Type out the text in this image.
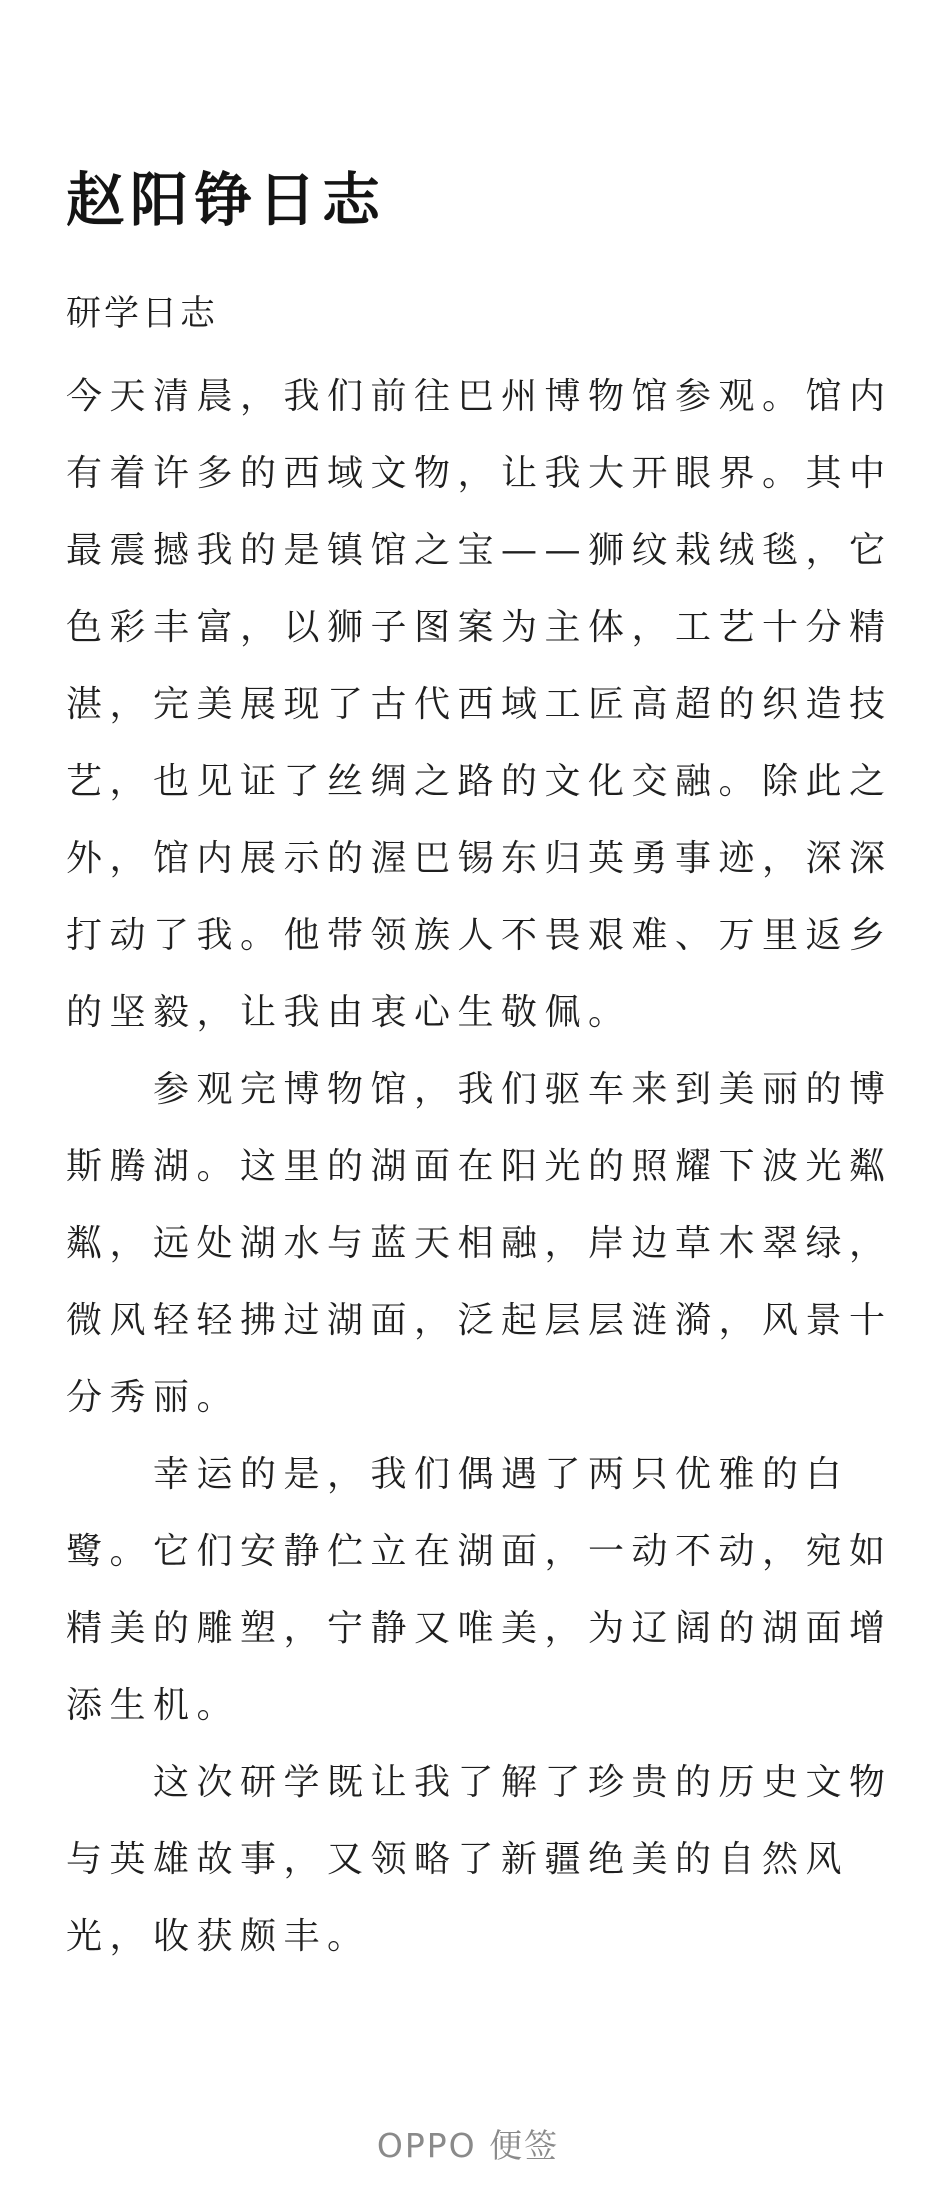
赵阳铮日志
研学日志
今天清晨，我们前往巴州博物馆参观。馆内
有着许多的西域文物，让我大开眼界。其中
最震撼我的是镇馆之宝——狮纹栽绒毯，它
色彩丰富，以狮子图案为主体，工艺十分精
湛，完美展现了古代西域工匠高超的织造技
艺，也见证了丝绸之路的文化交融。除此之
外，馆内展示的渥巴锡东归英勇事迹，深深
打动了我。他带领族人不畏艰难、万里返乡
的坚毅，让我由衷心生敬佩。
　　参观完博物馆，我们驱车来到美丽的博
斯腾湖。这里的湖面在阳光的照耀下波光粼
粼，远处湖水与蓝天相融，岸边草木翠绿，
微风轻轻拂过湖面，泛起层层涟漪，风景十
分秀丽。
　　幸运的是，我们偶遇了两只优雅的白
鹭。它们安静伫立在湖面，一动不动，宛如
精美的雕塑，宁静又唯美，为辽阔的湖面增
添生机。
　　这次研学既让我了解了珍贵的历史文物
与英雄故事，又领略了新疆绝美的自然风
光，收获颇丰。
OPPO 便签
